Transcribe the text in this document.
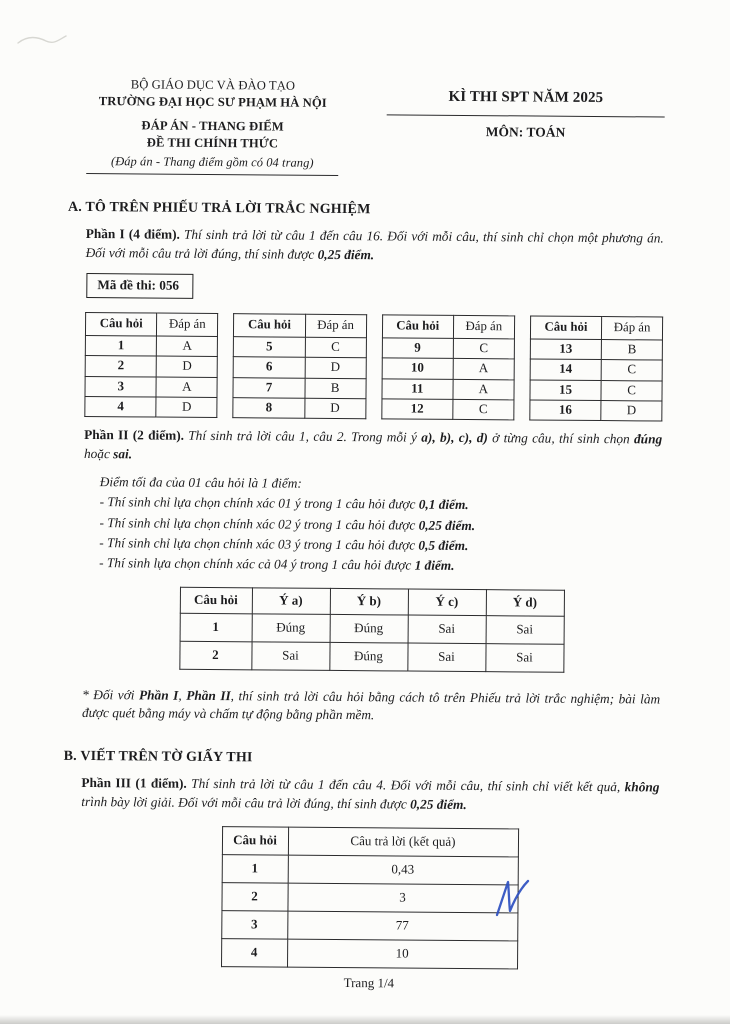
BỘ GIÁO DỤC VÀ ĐÀO TẠO
TRƯỜNG ĐẠI HỌC SƯ PHẠM HÀ NỘI
ĐÁP ÁN - THANG ĐIỂM
ĐỀ THI CHÍNH THỨC
(Đáp án - Thang điểm gồm có 04 trang)
KÌ THI SPT NĂM 2025
MÔN: TOÁN
A. TÔ TRÊN PHIẾU TRẢ LỜI TRẮC NGHIỆM
Phần I (4 điểm). Thí sinh trả lời từ câu 1 đến câu 16. Đối với mỗi câu, thí sinh chỉ chọn một phương án. Đối với mỗi câu trả lời đúng, thí sinh được 0,25 điểm.
Mã đề thi: 056
Câu hỏi	Đáp án
1	A
2	D
3	A
4	D
Câu hỏi	Đáp án
5	C
6	D
7	B
8	D
Câu hỏi	Đáp án
9	C
10	A
11	A
12	C
Câu hỏi	Đáp án
13	B
14	C
15	C
16	D
Phần II (2 điểm). Thí sinh trả lời câu 1, câu 2. Trong mỗi ý a), b), c), d) ở từng câu, thí sinh chọn đúng hoặc sai.
Điểm tối đa của 01 câu hỏi là 1 điểm:
- Thí sinh chỉ lựa chọn chính xác 01 ý trong 1 câu hỏi được 0,1 điểm.
- Thí sinh chỉ lựa chọn chính xác 02 ý trong 1 câu hỏi được 0,25 điểm.
- Thí sinh chỉ lựa chọn chính xác 03 ý trong 1 câu hỏi được 0,5 điểm.
- Thí sinh lựa chọn chính xác cả 04 ý trong 1 câu hỏi được 1 điểm.
Câu hỏi	Ý a)	Ý b)	Ý c)	Ý d)
1	Đúng	Đúng	Sai	Sai
2	Sai	Đúng	Sai	Sai
* Đối với Phần I, Phần II, thí sinh trả lời câu hỏi bằng cách tô trên Phiếu trả lời trắc nghiệm; bài làm được quét bằng máy và chấm tự động bằng phần mềm.
B. VIẾT TRÊN TỜ GIẤY THI
Phần III (1 điểm). Thí sinh trả lời từ câu 1 đến câu 4. Đối với mỗi câu, thí sinh chỉ viết kết quả, không trình bày lời giải. Đối với mỗi câu trả lời đúng, thí sinh được 0,25 điểm.
Câu hỏi	Câu trả lời (kết quả)
1	0,43
2	3
3	77
4	10
Trang 1/4
